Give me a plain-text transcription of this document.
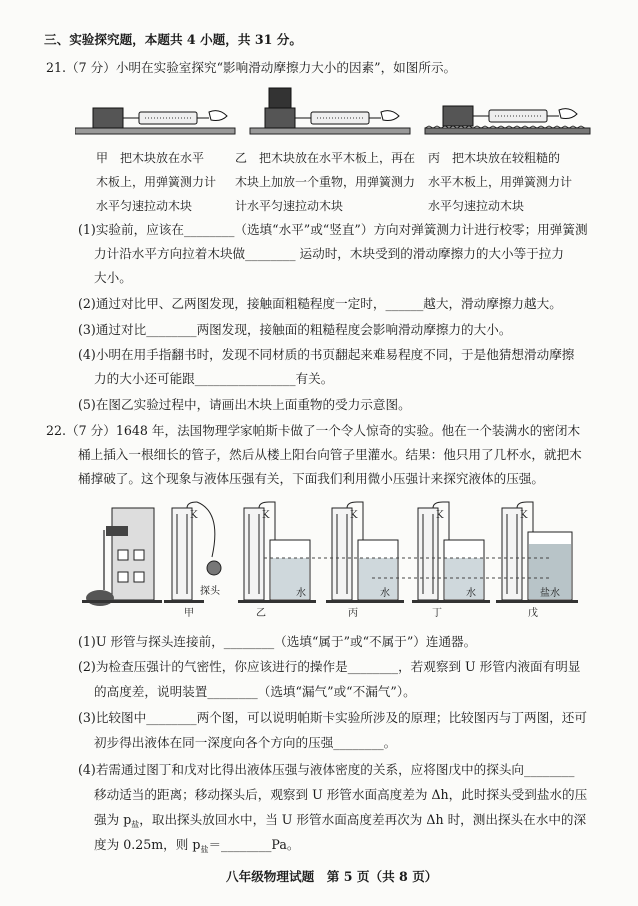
三、实验探究题，本题共 4 小题，共 31 分。
21.（7 分）小明在实验室探究“影响滑动摩擦力大小的因素”，如图所示。
甲　把木块放在水平
木板上，用弹簧测力计
水平匀速拉动木块
乙　把木块放在水平木板上，再在
木块上加放一个重物，用弹簧测力
计水平匀速拉动木块
丙　把木块放在较粗糙的
水平木板上，用弹簧测力计
水平匀速拉动木块
(1)实验前，应该在________（选填“水平”或“竖直”）方向对弹簧测力计进行校零；用弹簧测
力计沿水平方向拉着木块做________ 运动时，木块受到的滑动摩擦力的大小等于拉力
大小。
(2)通过对比甲、乙两图发现，接触面粗糙程度一定时，______越大，滑动摩擦力越大。
(3)通过对比________两图发现，接触面的粗糙程度会影响滑动摩擦力的大小。
(4)小明在用手指翻书时，发现不同材质的书页翻起来难易程度不同，于是他猜想滑动摩擦
力的大小还可能跟________________有关。
(5)在图乙实验过程中，请画出木块上面重物的受力示意图。
22.（7 分）1648 年，法国物理学家帕斯卡做了一个令人惊奇的实验。他在一个装满水的密闭木
桶上插入一根细长的管子，然后从楼上阳台向管子里灌水。结果：他只用了几杯水，就把木
桶撑破了。这个现象与液体压强有关，下面我们利用微小压强计来探究液体的压强。
甲	乙	丙	丁	戊
探头	水	水	水	盐水
K	K	K	K	K
(1)U 形管与探头连接前，________（选填“属于”或“不属于”）连通器。
(2)为检查压强计的气密性，你应该进行的操作是________，若观察到 U 形管内液面有明显
的高度差，说明装置________（选填“漏气”或“不漏气”）。
(3)比较图中________两个图，可以说明帕斯卡实验所涉及的原理；比较图丙与丁两图，还可
初步得出液体在同一深度向各个方向的压强________。
(4)若需通过图丁和戊对比得出液体压强与液体密度的关系，应将图戊中的探头向________
移动适当的距离；移动探头后，观察到 U 形管水面高度差为 Δh，此时探头受到盐水的压
强为 $p_盐$，取出探头放回水中，当 U 形管水面高度差再次为 Δh 时，测出探头在水中的深
度为 0.25m，则 $p_盐=\_\_\_\_\_\_\_\_Pa$。
八年级物理试题　第 5 页（共 8 页）
